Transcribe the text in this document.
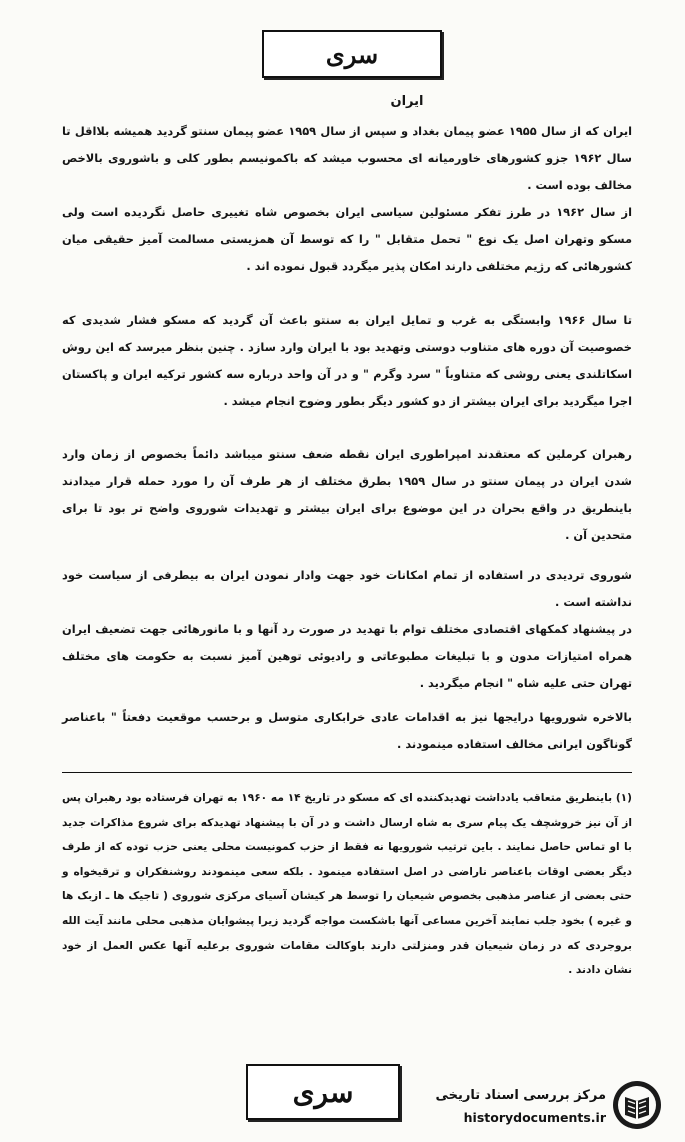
سری
ایران
ایران که از سال ۱۹۵۵ عضو پیمان بغداد و سپس از سال ۱۹۵۹ عضو پیمان سنتو گردید همیشه بلااقل تا سال ۱۹۶۲ جزو کشورهای خاورمیانه ای محسوب میشد که باکمونیسم بطور کلی و باشوروی بالاخص مخالف بوده است .
از سال ۱۹۶۲ در طرز تفکر مسئولین سیاسی ایران بخصوص شاه تغییری حاصل نگردیده است ولی مسکو وتهران اصل یک نوع " تحمل متقابل " را که توسط آن همزیستی مسالمت آمیز حقیقی میان کشورهائی که رژیم مختلفی دارند امکان پذیر میگردد قبول نموده اند .
تا سال ۱۹۶۶ وابستگی به غرب و تمایل ایران به سنتو باعث آن گردید که مسکو فشار شدیدی که خصوصیت آن دوره های متناوب دوستی وتهدید بود با ایران وارد سازد . چنین بنظر میرسد که این روش اسکاتلندی یعنی روشی که متناوباً " سرد وگرم " و در آن واحد درباره سه کشور ترکیه ایران و پاکستان اجرا میگردید برای ایران بیشتر از دو کشور دیگر بطور وضوح انجام میشد .
رهبران کرملین که معتقدند امپراطوری ایران نقطه ضعف سنتو میباشد دائماً بخصوص از زمان وارد شدن ایران در پیمان سنتو در سال ۱۹۵۹ بطرق مختلف از هر طرف آن را مورد حمله قرار میدادند باینطریق در واقع بحران در این موضوع برای ایران بیشتر و تهدیدات شوروی واضح تر بود تا برای متحدین آن .
شوروی تردیدی در استفاده از تمام امکانات خود جهت وادار نمودن ایران به بیطرفی از سیاست خود نداشته است .
در پیشنهاد کمکهای اقتصادی مختلف توام با تهدید در صورت رد آنها و با مانورهائی جهت تضعیف ایران همراه امتیازات مدون و با تبلیغات مطبوعاتی و رادیوئی توهین آمیز نسبت به حکومت های مختلف تهران حتی علیه شاه " انجام میگردید .
بالاخره شورویها درایجها نیز به اقدامات عادی خرابکاری متوسل و برحسب موقعیت دفعتاً " باعناصر گوناگون ایرانی مخالف استفاده مینمودند .
(۱) باینطریق متعاقب یادداشت تهدیدکننده ای که مسکو در تاریخ ۱۴ مه ۱۹۶۰ به تهران فرستاده بود رهبران پس از آن نیز خروشچف یک پیام سری به شاه ارسال داشت و در آن با پیشنهاد تهدیدکه برای شروع مذاکرات جدید با او تماس حاصل نمایند . باین ترتیب شورویها نه فقط از حزب کمونیست محلی یعنی حزب توده که از طرف دیگر بعضی اوقات باعناصر ناراضی در اصل استفاده مینمود . بلکه سعی مینمودند روشنفکران و ترقیخواه و حتی بعضی از عناصر مذهبی بخصوص شیعیان را توسط هر کیشان آسیای مرکزی شوروی ( تاجیک ها ـ ازبک ها و غیره ) بخود جلب نمایند آخرین مساعی آنها باشکست مواجه گردید زیرا پیشوایان مذهبی محلی مانند آیت الله بروجردی که در زمان شیعیان قدر ومنزلتی دارند باوکالت مقامات شوروی برعلیه آنها عکس العمل از خود نشان دادند .
سری	مرکز بررسی اسناد تاریخی
historydocuments.ir
